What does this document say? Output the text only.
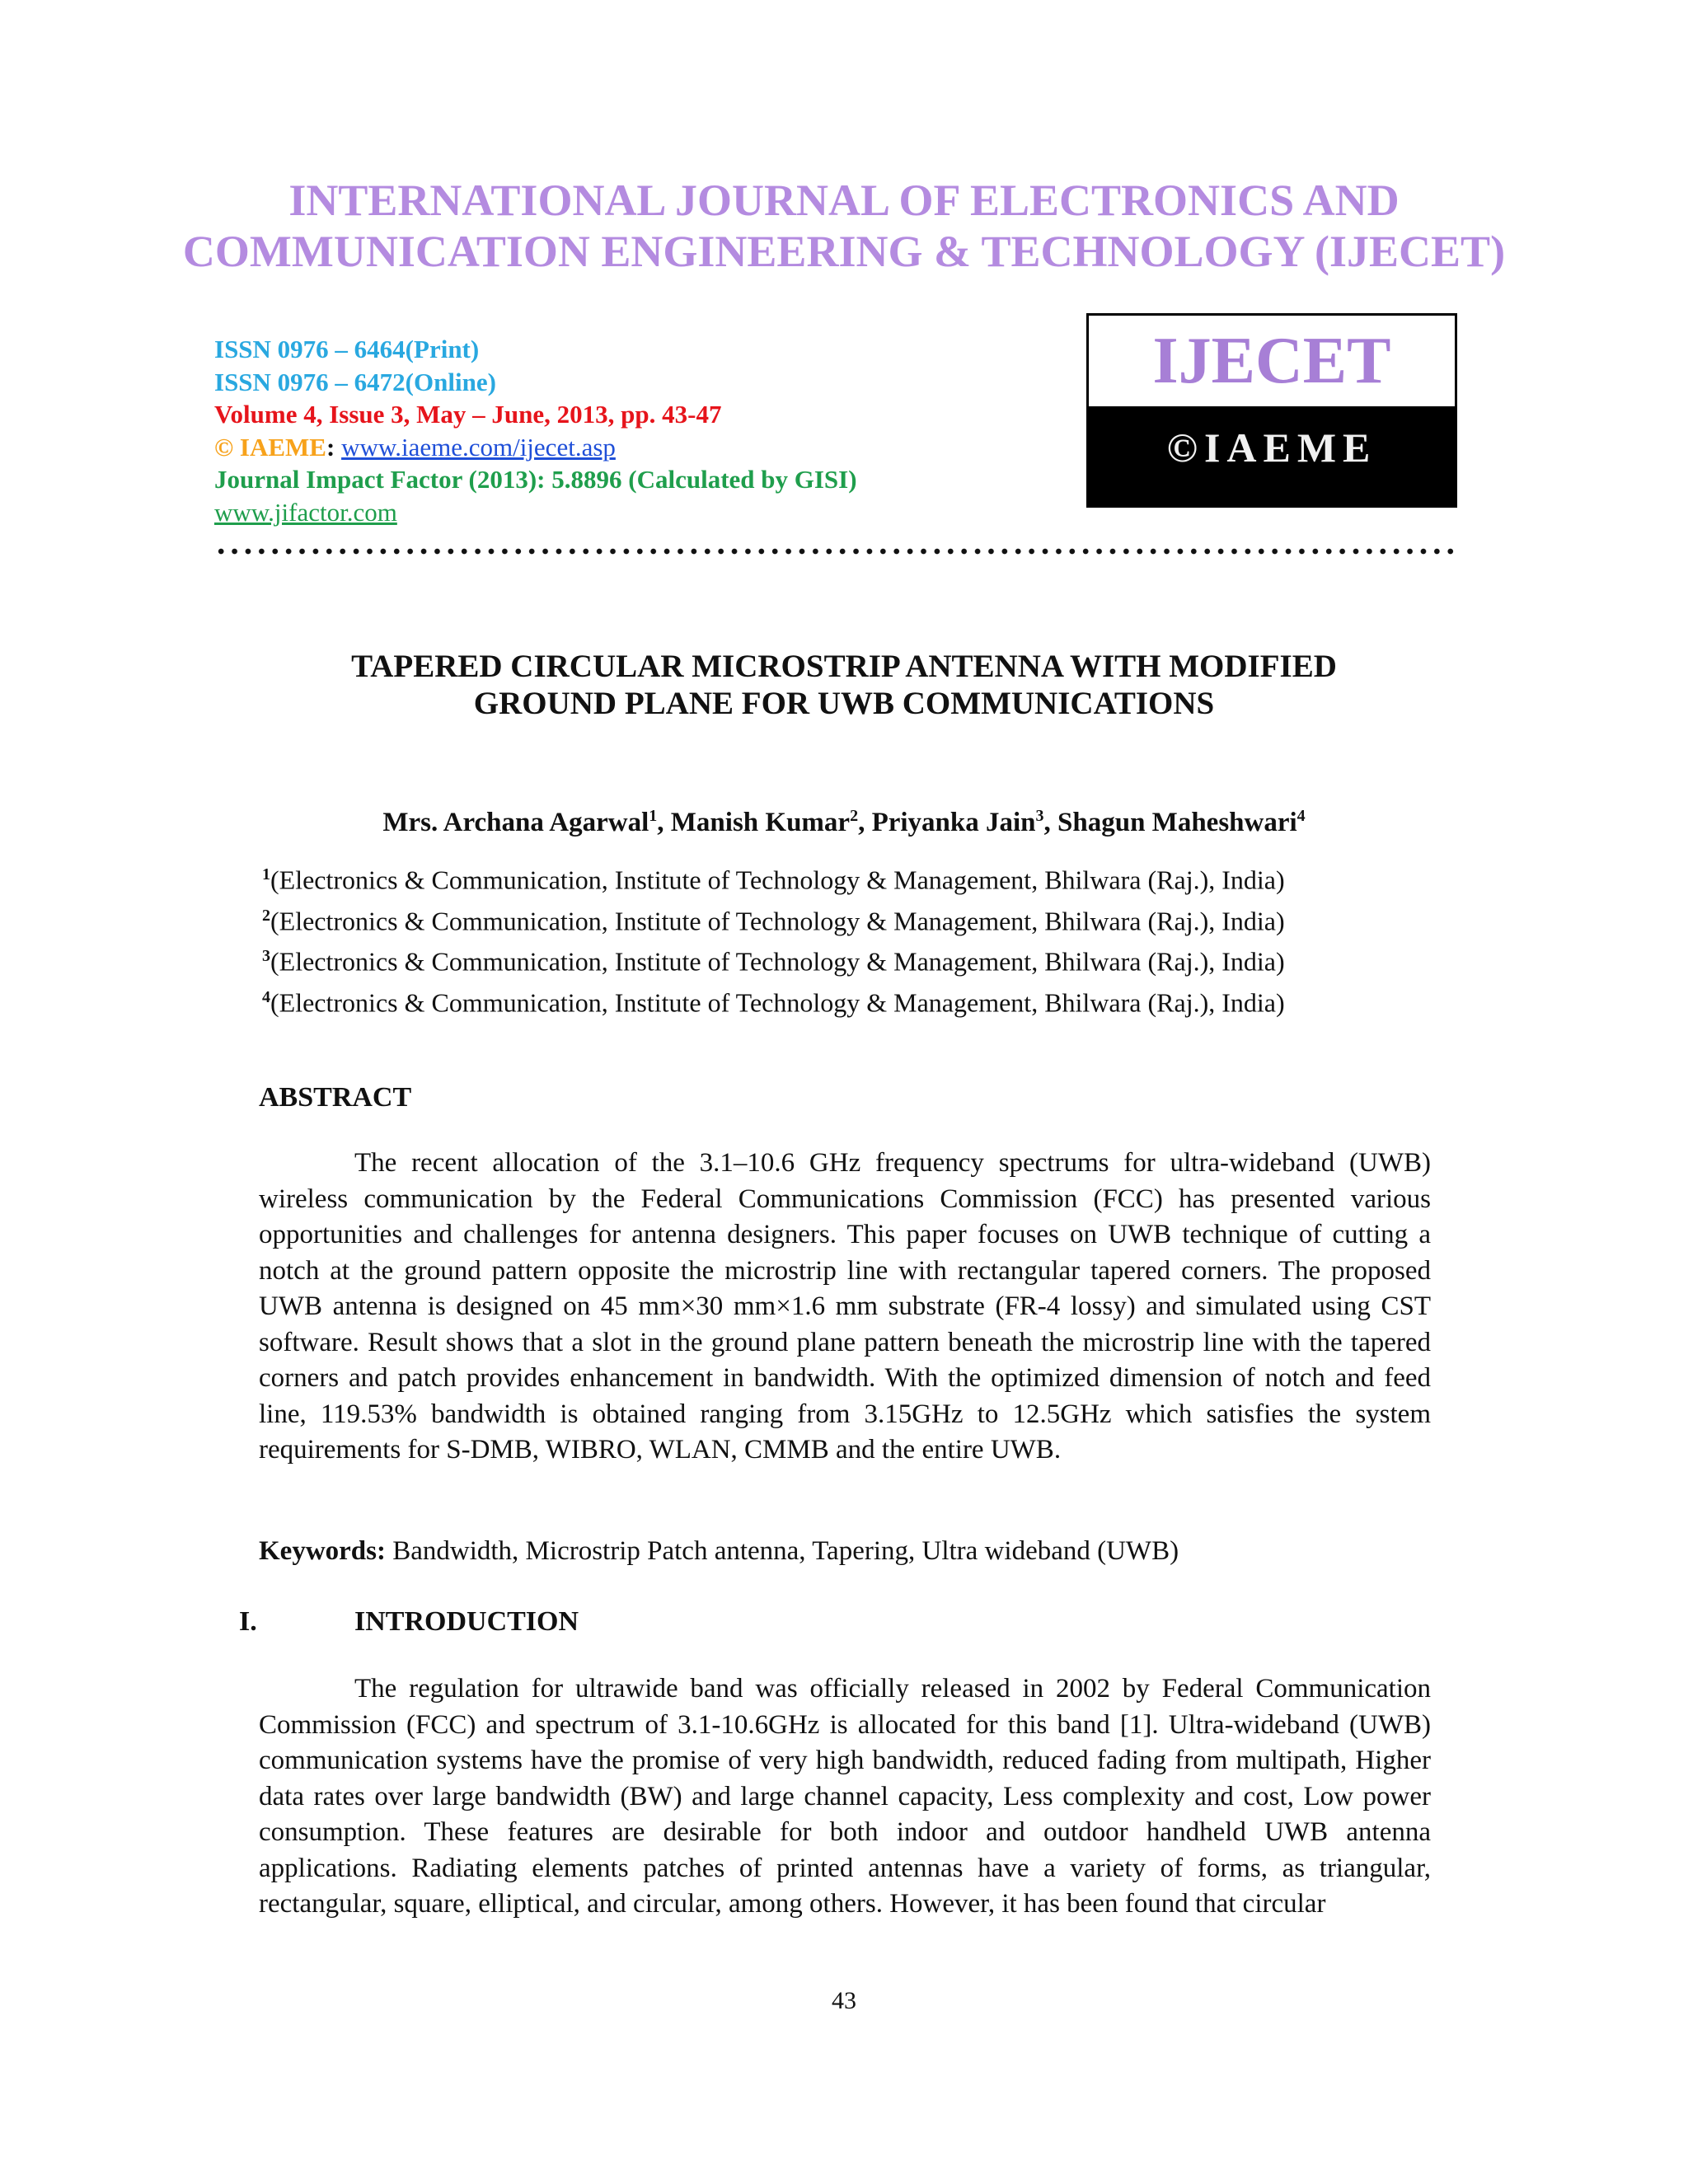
INTERNATIONAL JOURNAL OF ELECTRONICS AND
COMMUNICATION ENGINEERING & TECHNOLOGY (IJECET)
ISSN 0976 – 6464(Print)
ISSN 0976 – 6472(Online)
Volume 4, Issue 3, May – June, 2013, pp. 43-47
© IAEME: www.iaeme.com/ijecet.asp
Journal Impact Factor (2013): 5.8896 (Calculated by GISI)
www.jifactor.com
IJECET
©IAEME
TAPERED CIRCULAR MICROSTRIP ANTENNA WITH MODIFIED
GROUND PLANE FOR UWB COMMUNICATIONS
Mrs. Archana Agarwal$^1$, Manish Kumar$^2$, Priyanka Jain$^3$, Shagun Maheshwari$^4$
$^1$(Electronics & Communication, Institute of Technology & Management, Bhilwara (Raj.), India)
$^2$(Electronics & Communication, Institute of Technology & Management, Bhilwara (Raj.), India)
$^3$(Electronics & Communication, Institute of Technology & Management, Bhilwara (Raj.), India)
$^4$(Electronics & Communication, Institute of Technology & Management, Bhilwara (Raj.), India)
ABSTRACT
The recent allocation of the 3.1–10.6 GHz frequency spectrums for ultra-wideband (UWB) wireless communication by the Federal Communications Commission (FCC) has presented various opportunities and challenges for antenna designers. This paper focuses on UWB technique of cutting a notch at the ground pattern opposite the microstrip line with rectangular tapered corners. The proposed UWB antenna is designed on 45 mm×30 mm×1.6 mm substrate (FR-4 lossy) and simulated using CST software. Result shows that a slot in the ground plane pattern beneath the microstrip line with the tapered corners and patch provides enhancement in bandwidth. With the optimized dimension of notch and feed line, 119.53% bandwidth is obtained ranging from 3.15GHz to 12.5GHz which satisfies the system requirements for S-DMB, WIBRO, WLAN, CMMB and the entire UWB.
Keywords: Bandwidth, Microstrip Patch antenna, Tapering, Ultra wideband (UWB)
I.	INTRODUCTION
The regulation for ultrawide band was officially released in 2002 by Federal Communication Commission (FCC) and spectrum of 3.1-10.6GHz is allocated for this band [1]. Ultra-wideband (UWB) communication systems have the promise of very high bandwidth, reduced fading from multipath, Higher data rates over large bandwidth (BW) and large channel capacity, Less complexity and cost, Low power consumption. These features are desirable for both indoor and outdoor handheld UWB antenna applications. Radiating elements patches of printed antennas have a variety of forms, as triangular, rectangular, square, elliptical, and circular, among others. However, it has been found that circular
43
